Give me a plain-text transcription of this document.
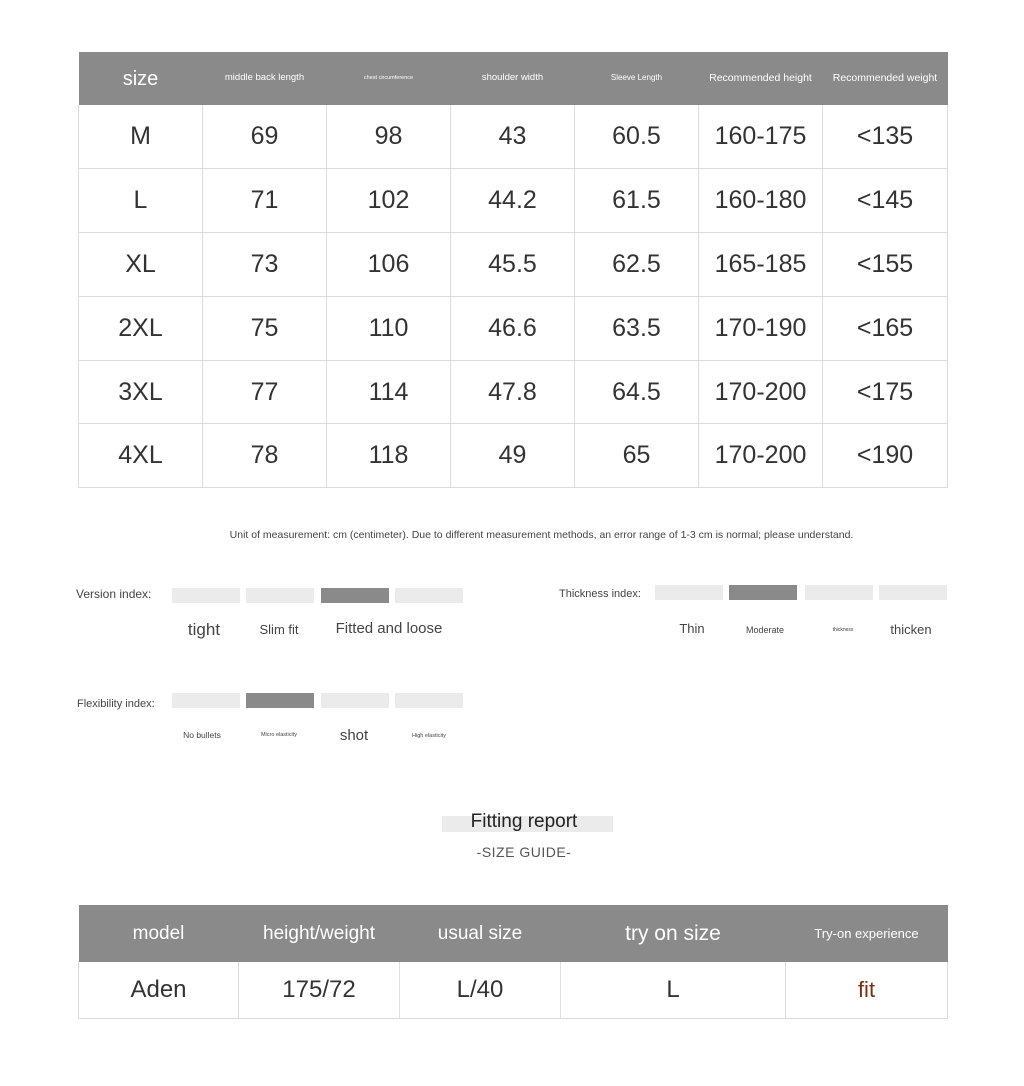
size	middle back length	chest circumference	shoulder width	Sleeve Length	Recommended height	Recommended weight
M	69	98	43	60.5	160-175	<135
L	71	102	44.2	61.5	160-180	<145
XL	73	106	45.5	62.5	165-185	<155
2XL	75	110	46.6	63.5	170-190	<165
3XL	77	114	47.8	64.5	170-200	<175
4XL	78	118	49	65	170-200	<190
Unit of measurement: cm (centimeter). Due to different measurement methods, an error range of 1-3 cm is normal; please understand.
Version index:
tight	Slim fit	Fitted and loose
Thickness index:
Thin	Moderate	thickness	thicken
Flexibility index:
No bullets	Micro elasticity	shot	High elasticity
Fitting report
-SIZE GUIDE-
model	height/weight	usual size	try on size	Try-on experience
Aden	175/72	L/40	L	fit
